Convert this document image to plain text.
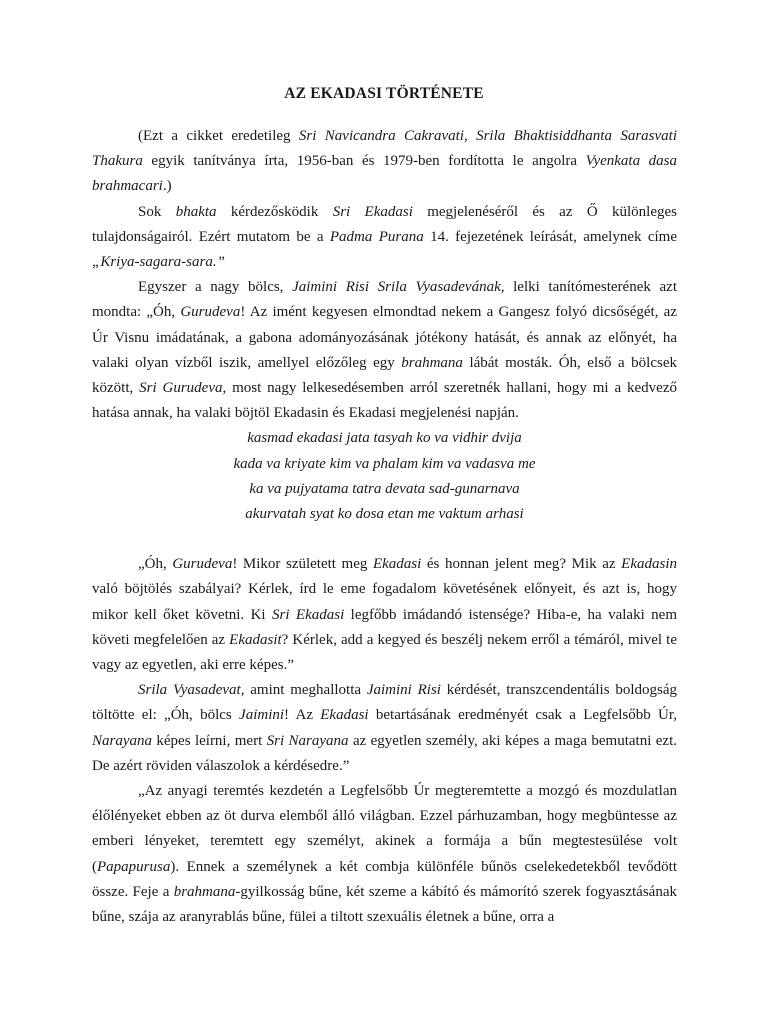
AZ EKADASI TÖRTÉNETE

(Ezt a cikket eredetileg Sri Navicandra Cakravati, Srila Bhaktisiddhanta Sarasvati Thakura egyik tanítványa írta, 1956-ban és 1979-ben fordította le angolra Vyenkata dasa brahmacari.)

Sok bhakta kérdezősködik Sri Ekadasi megjelenéséről és az Ő különleges tulajdonságairól. Ezért mutatom be a Padma Purana 14. fejezetének leírását, amelynek címe „Kriya-sagara-sara.”

Egyszer a nagy bölcs, Jaimini Risi Srila Vyasadevának, lelki tanítómesterének azt mondta: „Óh, Gurudeva! Az imént kegyesen elmondtad nekem a Gangesz folyó dicsőségét, az Úr Visnu imádatának, a gabona adományozásának jótékony hatását, és annak az előnyét, ha valaki olyan vízből iszik, amellyel előzőleg egy brahmana lábát mosták. Óh, első a bölcsek között, Sri Gurudeva, most nagy lelkesedésemben arról szeretnék hallani, hogy mi a kedvező hatása annak, ha valaki böjtöl Ekadasin és Ekadasi megjelenési napján.

kasmad ekadasi jata tasyah ko va vidhir dvija

kada va kriyate kim va phalam kim va vadasva me

ka va pujyatama tatra devata sad-gunarnava

akurvatah syat ko dosa etan me vaktum arhasi

„Óh, Gurudeva! Mikor született meg Ekadasi és honnan jelent meg? Mik az Ekadasin való böjtölés szabályai? Kérlek, írd le eme fogadalom követésének előnyeit, és azt is, hogy mikor kell őket követni. Ki Sri Ekadasi legfőbb imádandó istensége? Hiba-e, ha valaki nem követi megfelelően az Ekadasit? Kérlek, add a kegyed és beszélj nekem erről a témáról, mivel te vagy az egyetlen, aki erre képes.”

Srila Vyasadevat, amint meghallotta Jaimini Risi kérdését, transzcendentális boldogság töltötte el: „Óh, bölcs Jaimini! Az Ekadasi betartásának eredményét csak a Legfelsőbb Úr, Narayana képes leírni, mert Sri Narayana az egyetlen személy, aki képes a maga bemutatni ezt. De azért röviden válaszolok a kérdésedre.”

„Az anyagi teremtés kezdetén a Legfelsőbb Úr megteremtette a mozgó és mozdulatlan élőlényeket ebben az öt durva elemből álló világban. Ezzel párhuzamban, hogy megbüntesse az emberi lényeket, teremtett egy személyt, akinek a formája a bűn megtestesülése volt (Papapurusa). Ennek a személynek a két combja különféle bűnös cselekedetekből tevődött össze. Feje a brahmana-gyilkosság bűne, két szeme a kábító és mámorító szerek fogyasztásának bűne, szája az aranyrablás bűne, fülei a tiltott szexuális életnek a bűne, orra a
